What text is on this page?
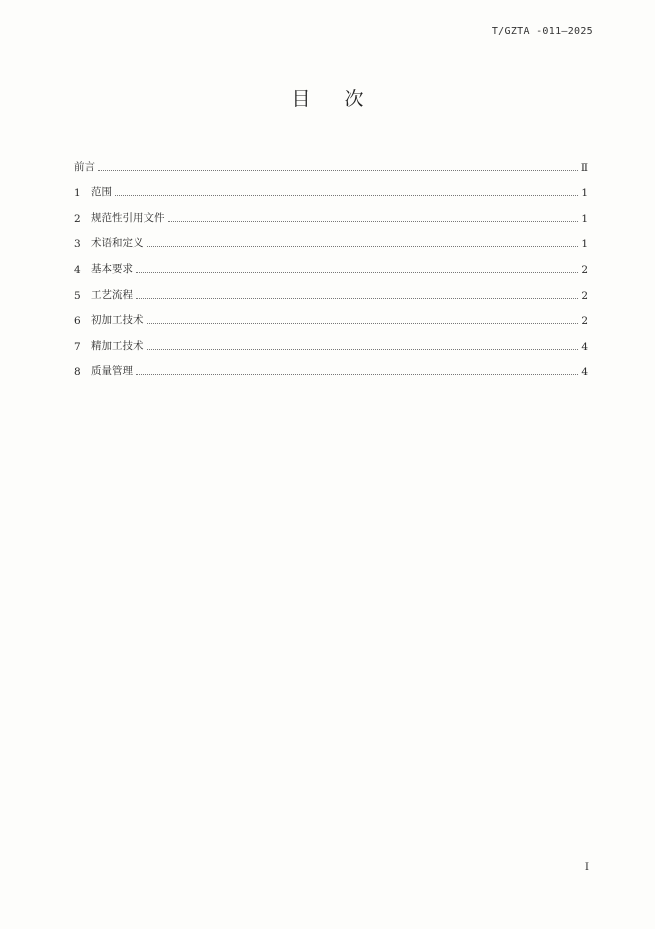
T/GZTA -011—2025
目次
前言	Ⅱ
1 范围	1
2 规范性引用文件	1
3 术语和定义	1
4 基本要求	2
5 工艺流程	2
6 初加工技术	2
7 精加工技术	4
8 质量管理	4
I
